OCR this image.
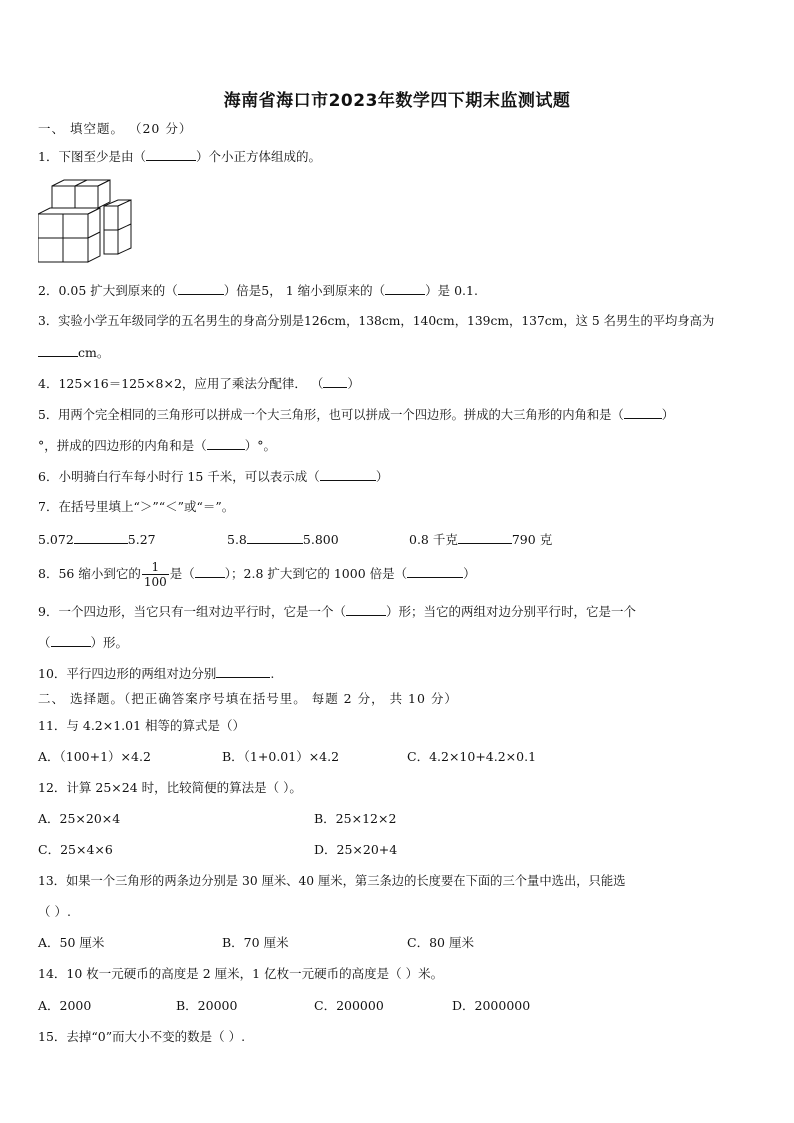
海南省海口市2023年数学四下期末监测试题
一、 填空题。 （20 分）
1．下图至少是由（	）个小正方体组成的。
2．0.05 扩大到原来的（	）倍是5， 1 缩小到原来的（	）是 0.1.
3．实验小学五年级同学的五名男生的身高分别是126cm，138cm，140cm，139cm，137cm，这 5 名男生的平均身高为
cm。
4．125×16＝125×8×2，应用了乘法分配律． （ ）
5．用两个完全相同的三角形可以拼成一个大三角形，也可以拼成一个四边形。拼成的大三角形的内角和是（	）
°，拼成的四边形的内角和是（	）°。
6．小明骑白行车每小时行 15 千米，可以表示成（	）
7．在括号里填上“＞”“＜”或“＝”。
5.072	5.27	5.8	5.800	0.8 千克	790 克
8．56 缩小到它的 $\frac{1}{100}$ 是（ ）；2.8 扩大到它的 1000 倍是（	）
9．一个四边形，当它只有一组对边平行时，它是一个（	）形；当它的两组对边分别平行时，它是一个
（	）形。
10．平行四边形的两组对边分别	.
二、 选择题。（把正确答案序号填在括号里。 每题 2 分， 共 10 分）
11．与 4.2×1.01 相等的算式是（）
A．（100+1）×4.2	B．（1+0.01）×4.2	C．4.2×10+4.2×0.1
12．计算 25×24 时，比较简便的算法是（ ）。
A．25×20×4	B．25×12×2
C．25×4×6	D．25×20+4
13．如果一个三角形的两条边分别是 30 厘米、40 厘米，第三条边的长度要在下面的三个量中选出，只能选
（ ）.
A．50 厘米	B．70 厘米	C．80 厘米
14．10 枚一元硬币的高度是 2 厘米，1 亿枚一元硬币的高度是（ ）米。
A．2000	B．20000	C．200000	D．2000000
15．去掉“0”而大小不变的数是（ ）.
